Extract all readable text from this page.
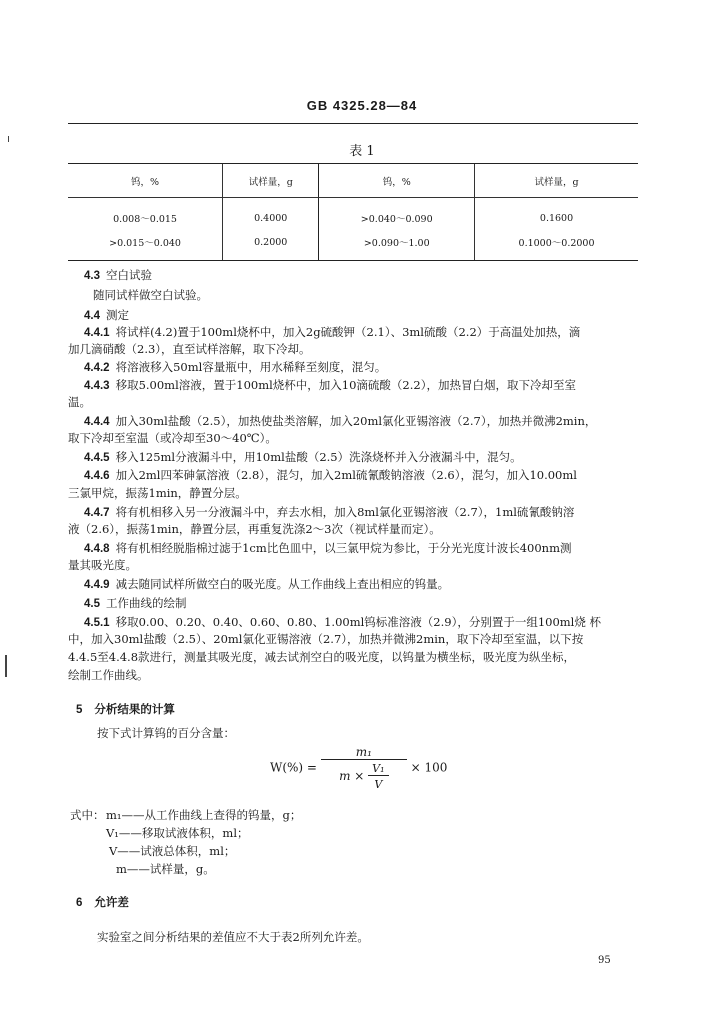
GB 4325.28—84
表 1
钨，%	试样量，g	钨，%	试样量，g
0.008～0.015	0.4000	>0.040～0.090	0.1600
>0.015～0.040	0.2000	>0.090～1.00	0.1000～0.2000
4.3 空白试验
随同试样做空白试验。
4.4 测定
4.4.1 将试样(4.2)置于100ml烧杯中，加入2g硫酸钾（2.1）、3ml硫酸（2.2）于高温处加热，滴
加几滴硝酸（2.3），直至试样溶解，取下冷却。
4.4.2 将溶液移入50ml容量瓶中，用水稀释至刻度，混匀。
4.4.3 移取5.00ml溶液，置于100ml烧杯中，加入10滴硫酸（2.2），加热冒白烟，取下冷却至室
温。
4.4.4 加入30ml盐酸（2.5），加热使盐类溶解，加入20ml氯化亚锡溶液（2.7），加热并微沸2min，
取下冷却至室温（或冷却至30～40℃）。
4.4.5 移入125ml分液漏斗中，用10ml盐酸（2.5）洗涤烧杯并入分液漏斗中，混匀。
4.4.6 加入2ml四苯砷氯溶液（2.8），混匀，加入2ml硫氰酸钠溶液（2.6），混匀，加入10.00ml
三氯甲烷，振荡1min，静置分层。
4.4.7 将有机相移入另一分液漏斗中，弃去水相，加入8ml氯化亚锡溶液（2.7），1ml硫氰酸钠溶
液（2.6），振荡1min，静置分层，再重复洗涤2～3次（视试样量而定）。
4.4.8 将有机相经脱脂棉过滤于1cm比色皿中，以三氯甲烷为参比，于分光光度计波长400nm测
量其吸光度。
4.4.9 减去随同试样所做空白的吸光度。从工作曲线上查出相应的钨量。
4.5 工作曲线的绘制
4.5.1 移取0.00、0.20、0.40、0.60、0.80、1.00ml钨标准溶液（2.9），分别置于一组100ml烧 杯
中，加入30ml盐酸（2.5）、20ml氯化亚锡溶液（2.7），加热并微沸2min，取下冷却至室温，以下按
4.4.5至4.4.8款进行，测量其吸光度，减去试剂空白的吸光度，以钨量为横坐标，吸光度为纵坐标，
绘制工作曲线。
5 分析结果的计算
按下式计算钨的百分含量：
$W(\%) = \frac{\text{m₁}}{m \times \frac{\text{V₁}}{V}} \times 100$
式中： m₁——从工作曲线上查得的钨量，g；
V₁——移取试液体积，ml；
V——试液总体积，ml；
m——试样量，g。
6 允许差
实验室之间分析结果的差值应不大于表2所列允许差。
95
